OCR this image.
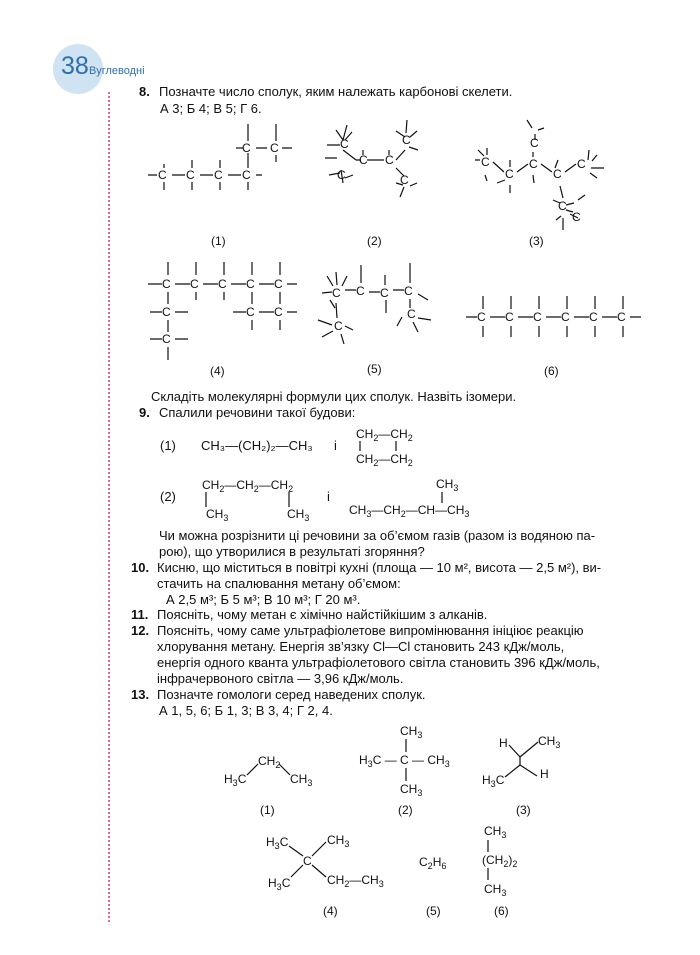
38 Вуглеводні
8. Позначте число сполук, яким належать карбонові скелети.
А 3; Б 4; В 5; Г 6.
C C C C
C C	C
C C
C
C
C
C
C
C
C
C
C
C
C
(1)	(2)	(3)
C C C C C
C
C
C C
C C C C
C
C	C C C C C C
(4)	(5)	(6)
Складіть молекулярні формули цих сполук. Назвіть ізомери.
9. Спалили речовини такої будови:
(1) CH₃—(CH₂)₂—CH₃ і
(2)	і
$CH_2—CH_2$
$CH_2—CH_2$
$CH_2—CH_2—CH_2$
$CH_3$	$CH_3$
$CH_3$
$CH_3—CH_2—CH—CH_3$
Чи можна розрізнити ці речовини за об’ємом газів (разом із водяною па-
рою), що утворилися в результаті згоряння?
10. Кисню, що міститься в повітрі кухні (площа — 10 м², висота — 2,5 м²), ви-
стачить на спалювання метану об’ємом:
А 2,5 м³; Б 5 м³; В 10 м³; Г 20 м³.
11. Поясніть, чому метан є хімічно найстійкішим з алканів.
12. Поясніть, чому саме ультрафіолетове випромінювання ініціює реакцію
хлорування метану. Енергія зв’язку Cl—Cl становить 243 кДж/моль,
енергія одного кванта ультрафіолетового світла становить 396 кДж/моль,
інфрачервоного світла — 3,96 кДж/моль.
13. Позначте гомологи серед наведених сполук.
А 1, 5, 6; Б 1, 3; В 3, 4; Г 2, 4.
$H_3C$
$CH_2$
$CH_3$
$CH_3$
$H_3C$ — C — $CH_3$
$CH_3$
H	$CH_3$
$H_3C$	H
(1)	(2)	(3)
$H_3C$	$CH_3$
C
$H_3C$	$CH_2—CH_3$
$C_2H_6$
$CH_3$
$(CH_2)_2$
$CH_3$
(4)	(5)	(6)
